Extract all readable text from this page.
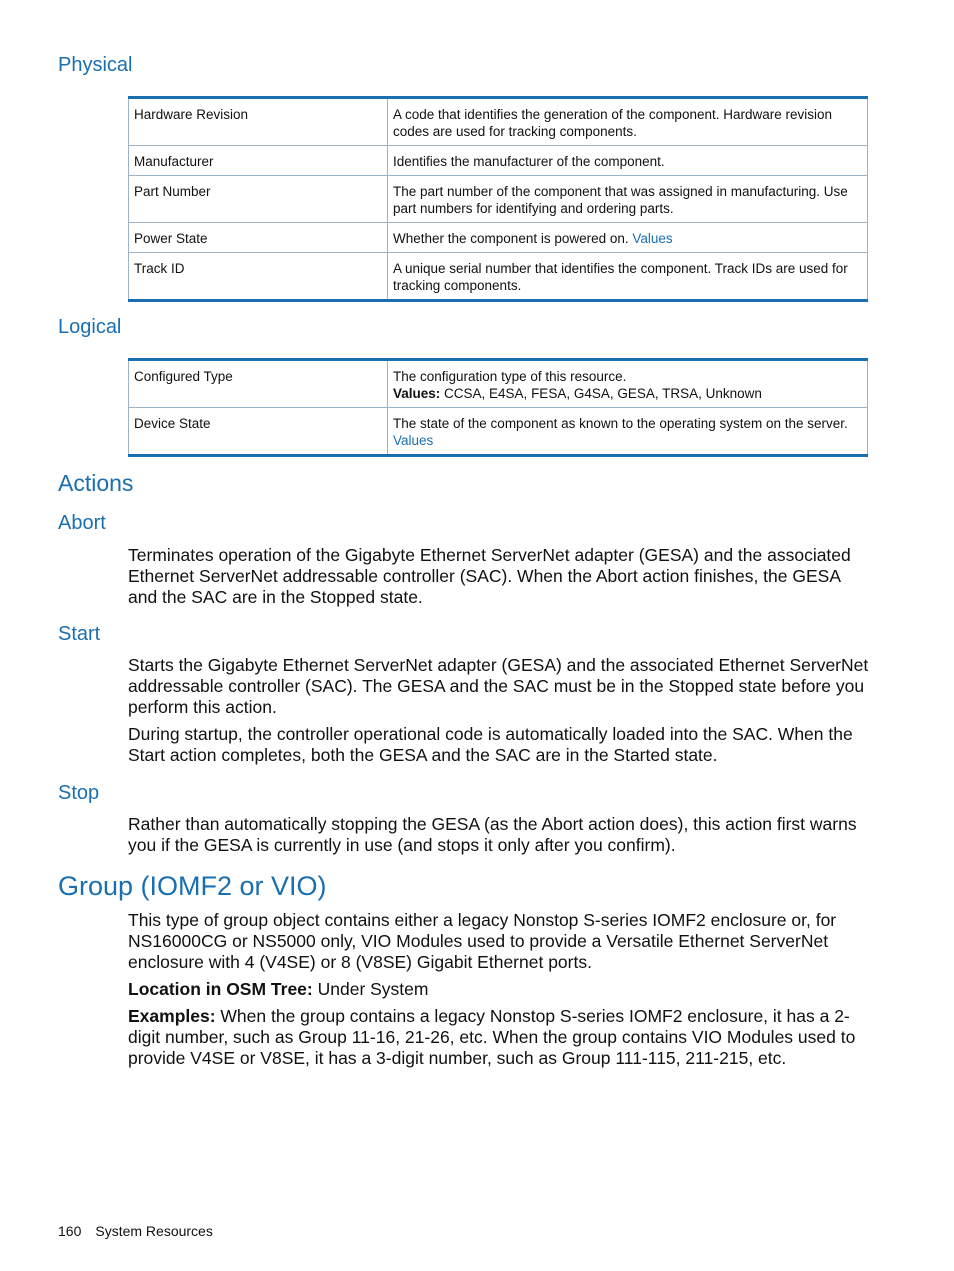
Physical
Hardware Revision	A code that identifies the generation of the component. Hardware revision codes are used for tracking components.
Manufacturer	Identifies the manufacturer of the component.
Part Number	The part number of the component that was assigned in manufacturing. Use part numbers for identifying and ordering parts.
Power State	Whether the component is powered on. Values
Track ID	A unique serial number that identifies the component. Track IDs are used for tracking components.
Logical
Configured Type	The configuration type of this resource.
Values: CCSA, E4SA, FESA, G4SA, GESA, TRSA, Unknown
Device State	The state of the component as known to the operating system on the server.
Values
Actions
Abort

Terminates operation of the Gigabyte Ethernet ServerNet adapter (GESA) and the associated Ethernet ServerNet addressable controller (SAC). When the Abort action finishes, the GESA and the SAC are in the Stopped state.

Start

Starts the Gigabyte Ethernet ServerNet adapter (GESA) and the associated Ethernet ServerNet addressable controller (SAC). The GESA and the SAC must be in the Stopped state before you perform this action.

During startup, the controller operational code is automatically loaded into the SAC. When the Start action completes, both the GESA and the SAC are in the Started state.

Stop

Rather than automatically stopping the GESA (as the Abort action does), this action first warns you if the GESA is currently in use (and stops it only after you confirm).

Group (IOMF2 or VIO)

This type of group object contains either a legacy Nonstop S-series IOMF2 enclosure or, for NS16000CG or NS5000 only, VIO Modules used to provide a Versatile Ethernet ServerNet enclosure with 4 (V4SE) or 8 (V8SE) Gigabit Ethernet ports.

Location in OSM Tree: Under System

Examples: When the group contains a legacy Nonstop S-series IOMF2 enclosure, it has a 2-digit number, such as Group 11-16, 21-26, etc. When the group contains VIO Modules used to provide V4SE or V8SE, it has a 3-digit number, such as Group 111-115, 211-215, etc.

160 System Resources
